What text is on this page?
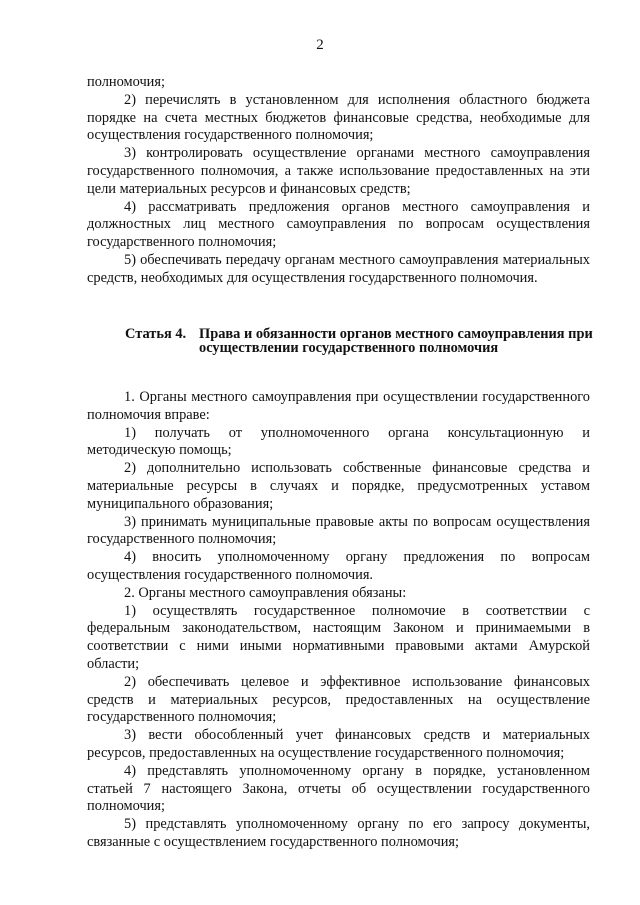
2

полномочия;

2) перечислять в установленном для исполнения областного бюджета порядке на счета местных бюджетов финансовые средства, необходимые для осуществления государственного полномочия;

3) контролировать осуществление органами местного самоуправления государственного полномочия, а также использование предоставленных на эти цели материальных ресурсов и финансовых средств;

4) рассматривать предложения органов местного самоуправления и должностных лиц местного самоуправления по вопросам осуществления государственного полномочия;

5) обеспечивать передачу органам местного самоуправления материальных средств, необходимых для осуществления государственного полномочия.

Статья 4. Права и обязанности органов местного самоуправления при осуществлении государственного полномочия

1. Органы местного самоуправления при осуществлении государственного полномочия вправе:

1) получать от уполномоченного органа консультационную и методическую помощь;

2) дополнительно использовать собственные финансовые средства и материальные ресурсы в случаях и порядке, предусмотренных уставом муниципального образования;

3) принимать муниципальные правовые акты по вопросам осуществления государственного полномочия;

4) вносить уполномоченному органу предложения по вопросам осуществления государственного полномочия.

2. Органы местного самоуправления обязаны:

1) осуществлять государственное полномочие в соответствии с федеральным законодательством, настоящим Законом и принимаемыми в соответствии с ними иными нормативными правовыми актами Амурской области;

2) обеспечивать целевое и эффективное использование финансовых средств и материальных ресурсов, предоставленных на осуществление государственного полномочия;

3) вести обособленный учет финансовых средств и материальных ресурсов, предоставленных на осуществление государственного полномочия;

4) представлять уполномоченному органу в порядке, установленном статьей 7 настоящего Закона, отчеты об осуществлении государственного полномочия;

5) представлять уполномоченному органу по его запросу документы, связанные с осуществлением государственного полномочия;
